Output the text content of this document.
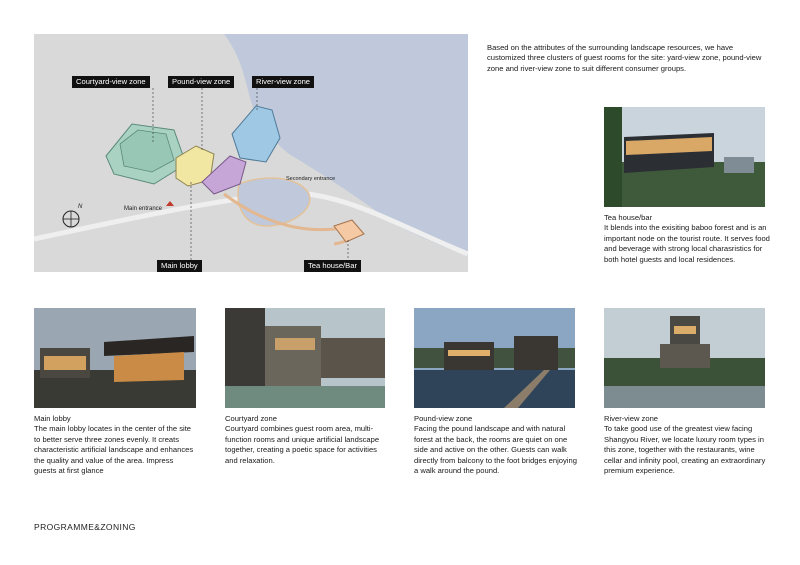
Courtyard-view zone	Pound-view zone	River-view zone
Main lobby	Tea house/Bar
Main entrance
Secondary entrance
N
Based on the attributes of the surrounding landscape resources, we have customized three clusters of guest rooms for the site: yard-view zone, pound-view zone and river-view zone to suit different consumer groups.
Tea house/bar
It blends into the exisiting baboo forest and is an important node on the tourist route. It serves food and beverage with strong local charasristics for both hotel guests and local residences.
Main lobby
The main lobby locates in the center of the site to better serve three zones evenly. It creats characteristic artificial landscape and enhances the quality and value of the area. Impress guests at first glance
Courtyard zone
Courtyard combines guest room area, multi-function rooms and unique artificial landscape together, creating a poetic space for activities and relaxation.
Pound-view zone
Facing the pound landscape and with natural forest at the back, the rooms are quiet on one side and active on the other. Guests can walk directly from balcony to the foot bridges enjoying a walk around the pound.
River-view zone
To take good use of the greatest view facing Shangyou River, we locate luxury room types in this zone, together with the restaurants, wine cellar and infinity pool, creating an extraordinary premium experience.
PROGRAMME&ZONING
